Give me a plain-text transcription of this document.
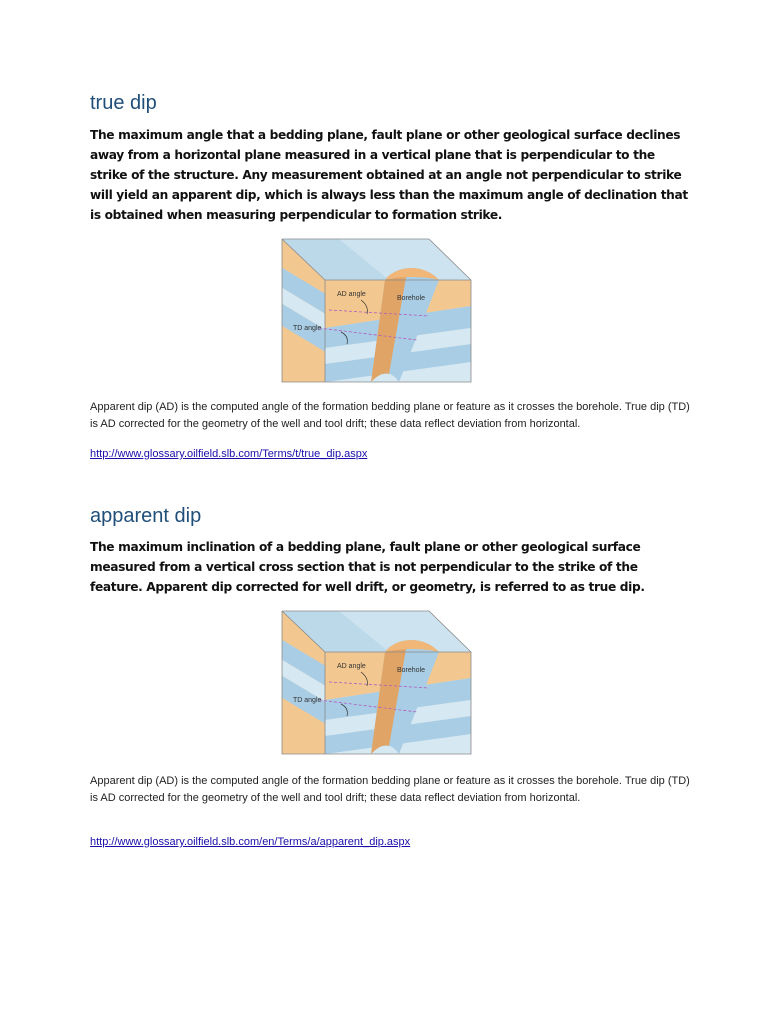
true dip

The maximum angle that a bedding plane, fault plane or other geological surface declines away from a horizontal plane measured in a vertical plane that is perpendicular to the strike of the structure. Any measurement obtained at an angle not perpendicular to strike will yield an apparent dip, which is always less than the maximum angle of declination that is obtained when measuring perpendicular to formation strike.

AD angle
TD angle
Borehole

Apparent dip (AD) is the computed angle of the formation bedding plane or feature as it crosses the borehole. True dip (TD) is AD corrected for the geometry of the well and tool drift; these data reflect deviation from horizontal.

http://www.glossary.oilfield.slb.com/Terms/t/true_dip.aspx
apparent dip

The maximum inclination of a bedding plane, fault plane or other geological surface measured from a vertical cross section that is not perpendicular to the strike of the feature. Apparent dip corrected for well drift, or geometry, is referred to as true dip.

AD angle
TD angle
Borehole

Apparent dip (AD) is the computed angle of the formation bedding plane or feature as it crosses the borehole. True dip (TD) is AD corrected for the geometry of the well and tool drift; these data reflect deviation from horizontal.

http://www.glossary.oilfield.slb.com/en/Terms/a/apparent_dip.aspx
